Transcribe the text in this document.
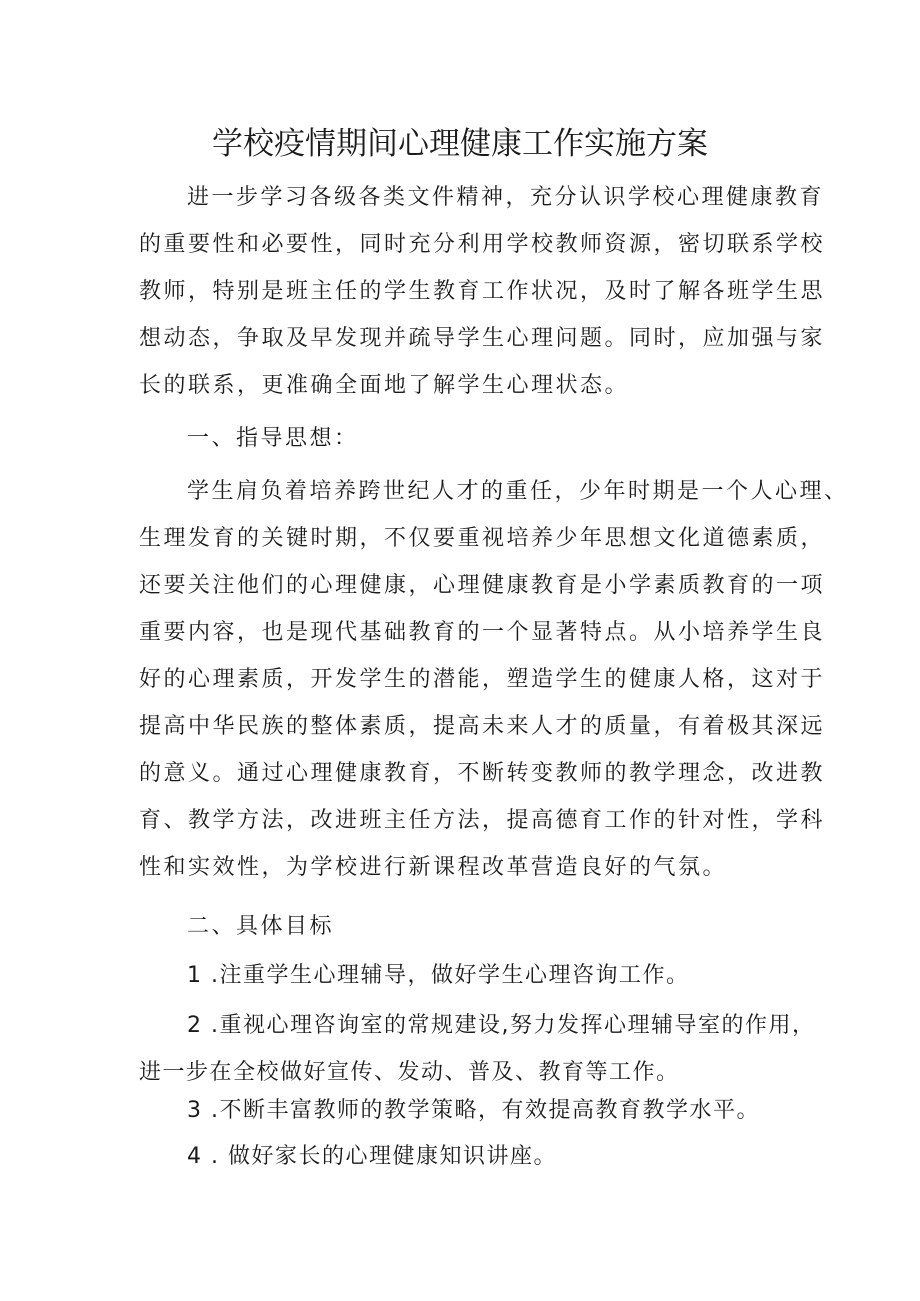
学校疫情期间心理健康工作实施方案

进一步学习各级各类文件精神，充分认识学校心理健康教育

的重要性和必要性，同时充分利用学校教师资源，密切联系学校

教师，特别是班主任的学生教育工作状况，及时了解各班学生思

想动态，争取及早发现并疏导学生心理问题。同时，应加强与家

长的联系，更准确全面地了解学生心理状态。

一、指导思想：

学生肩负着培养跨世纪人才的重任，少年时期是一个人心理、

生理发育的关键时期，不仅要重视培养少年思想文化道德素质，

还要关注他们的心理健康，心理健康教育是小学素质教育的一项

重要内容，也是现代基础教育的一个显著特点。从小培养学生良

好的心理素质，开发学生的潜能，塑造学生的健康人格，这对于

提高中华民族的整体素质，提高未来人才的质量，有着极其深远

的意义。通过心理健康教育，不断转变教师的教学理念，改进教

育、教学方法，改进班主任方法，提高德育工作的针对性，学科

性和实效性，为学校进行新课程改革营造良好的气氛。

二、具体目标

1 .注重学生心理辅导，做好学生心理咨询工作。

2 .重视心理咨询室的常规建设,努力发挥心理辅导室的作用，

进一步在全校做好宣传、发动、普及、教育等工作。

3 .不断丰富教师的教学策略，有效提高教育教学水平。

4 . 做好家长的心理健康知识讲座。
